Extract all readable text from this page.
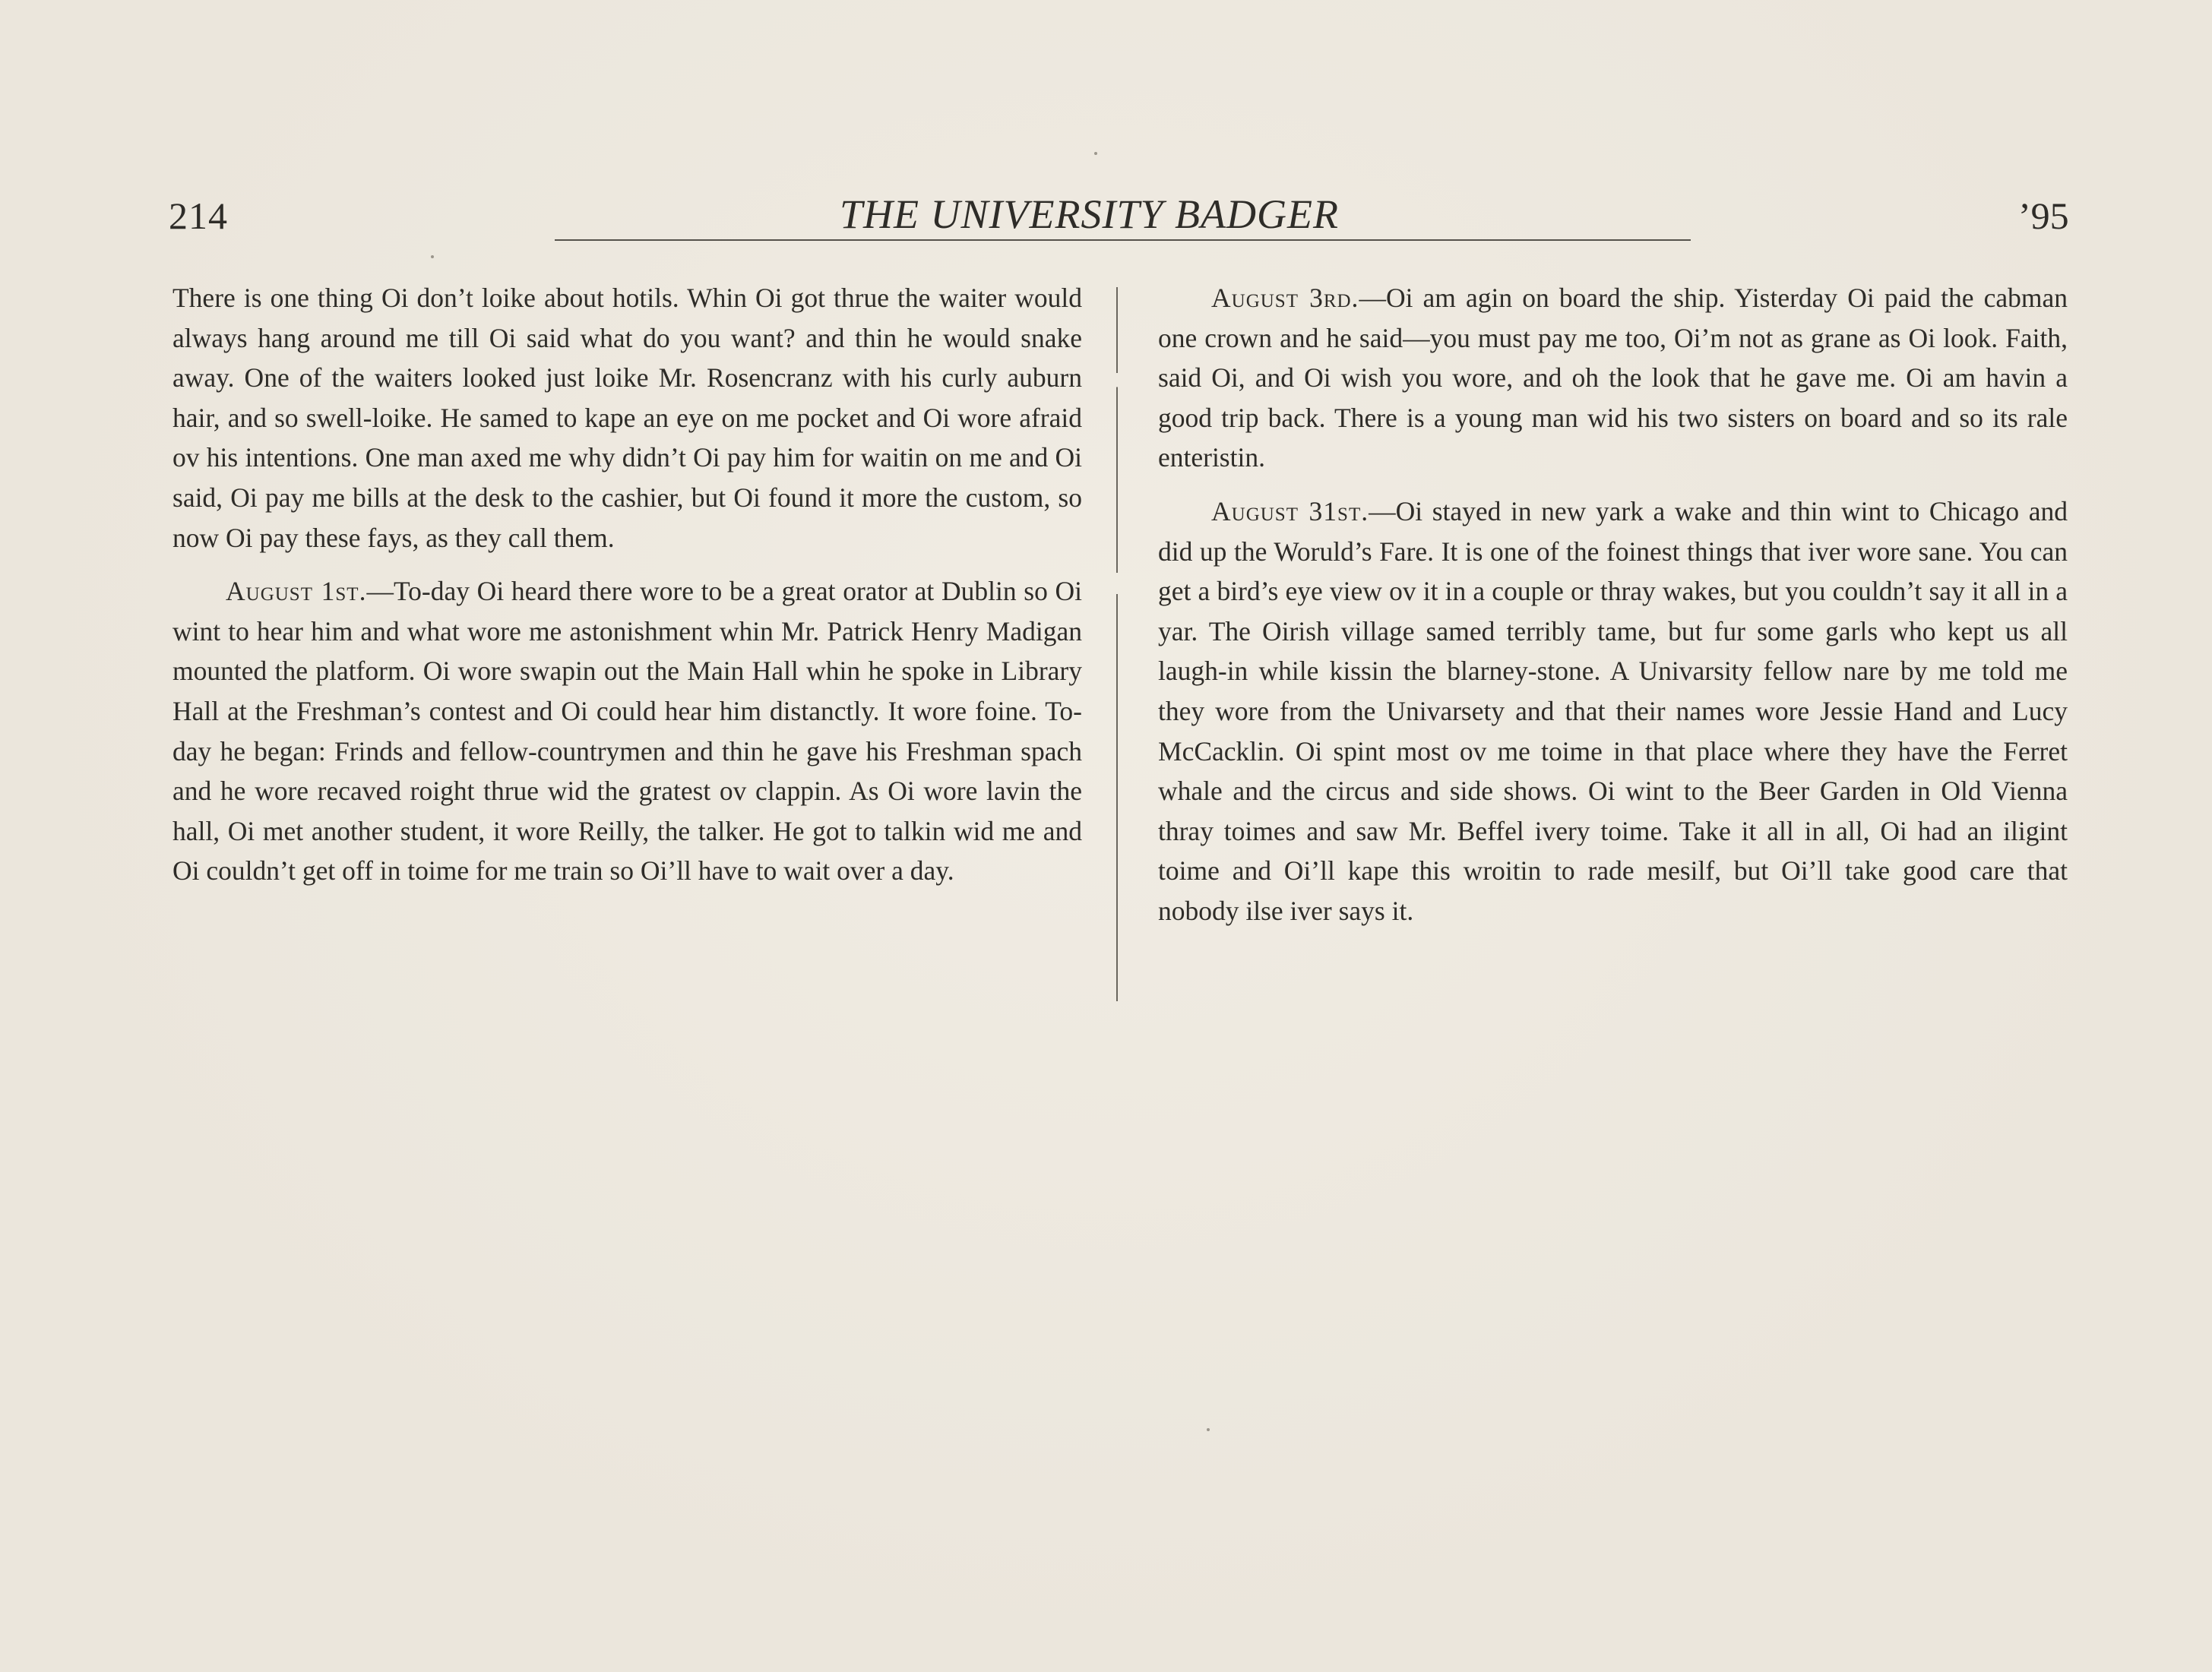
214	THE UNIVERSITY BADGER	’95

There is one thing Oi don’t loike about hotils. Whin Oi got thrue the waiter would always hang around me till Oi said what do you want? and thin he would snake away. One of the waiters looked just loike Mr. Rosencranz with his curly auburn hair, and so swell-loike. He samed to kape an eye on me pocket and Oi wore afraid ov his intentions. One man axed me why didn’t Oi pay him for waitin on me and Oi said, Oi pay me bills at the desk to the cashier, but Oi found it more the custom, so now Oi pay these fays, as they call them.

August 1st.—To-day Oi heard there wore to be a great orator at Dublin so Oi wint to hear him and what wore me astonishment whin Mr. Patrick Henry Madigan mounted the platform. Oi wore swapin out the Main Hall whin he spoke in Library Hall at the Freshman’s contest and Oi could hear him distanctly. It wore foine. To-day he began: Frinds and fellow-countrymen and thin he gave his Freshman spach and he wore recaved roight thrue wid the gratest ov clappin. As Oi wore lavin the hall, Oi met another student, it wore Reilly, the talker. He got to talkin wid me and Oi couldn’t get off in toime for me train so Oi’ll have to wait over a day.

August 3rd.—Oi am agin on board the ship. Yisterday Oi paid the cabman one crown and he said—you must pay me too, Oi’m not as grane as Oi look. Faith, said Oi, and Oi wish you wore, and oh the look that he gave me. Oi am havin a good trip back. There is a young man wid his two sisters on board and so its rale enteristin.

August 31st.—Oi stayed in new yark a wake and thin wint to Chicago and did up the Woruld’s Fare. It is one of the foinest things that iver wore sane. You can get a bird’s eye view ov it in a couple or thray wakes, but you couldn’t say it all in a yar. The Oirish village samed terribly tame, but fur some garls who kept us all laugh-in while kissin the blarney-stone. A Univarsity fellow nare by me told me they wore from the Univarsety and that their names wore Jessie Hand and Lucy McCacklin. Oi spint most ov me toime in that place where they have the Ferret whale and the circus and side shows. Oi wint to the Beer Garden in Old Vienna thray toimes and saw Mr. Beffel ivery toime. Take it all in all, Oi had an iligint toime and Oi’ll kape this wroitin to rade mesilf, but Oi’ll take good care that nobody ilse iver says it.
